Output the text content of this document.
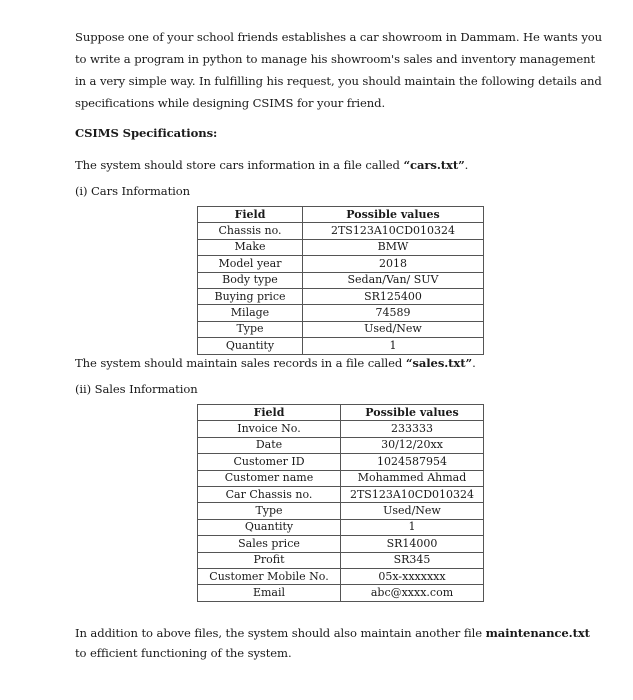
Suppose one of your school friends establishes a car showroom in Dammam. He wants you to write a program in python to manage his showroom's sales and inventory management in a very simple way. In fulfilling his request, you should maintain the following details and specifications while designing CSIMS for your friend.

CSIMS Specifications:

The system should store cars information in a file called “cars.txt”.

(i) Cars Information

Field	Possible values
Chassis no.	2TS123A10CD010324
Make	BMW
Model year	2018
Body type	Sedan/Van/ SUV
Buying price	SR125400
Milage	74589
Type	Used/New
Quantity	1

The system should maintain sales records in a file called “sales.txt”.

(ii) Sales Information

Field	Possible values
Invoice No.	233333
Date	30/12/20xx
Customer ID	1024587954
Customer name	Mohammed Ahmad
Car Chassis no.	2TS123A10CD010324
Type	Used/New
Quantity	1
Sales price	SR14000
Profit	SR345
Customer Mobile No.	05x-xxxxxxx
Email	abc@xxxx.com

In addition to above files, the system should also maintain another file maintenance.txt to efficient functioning of the system.
